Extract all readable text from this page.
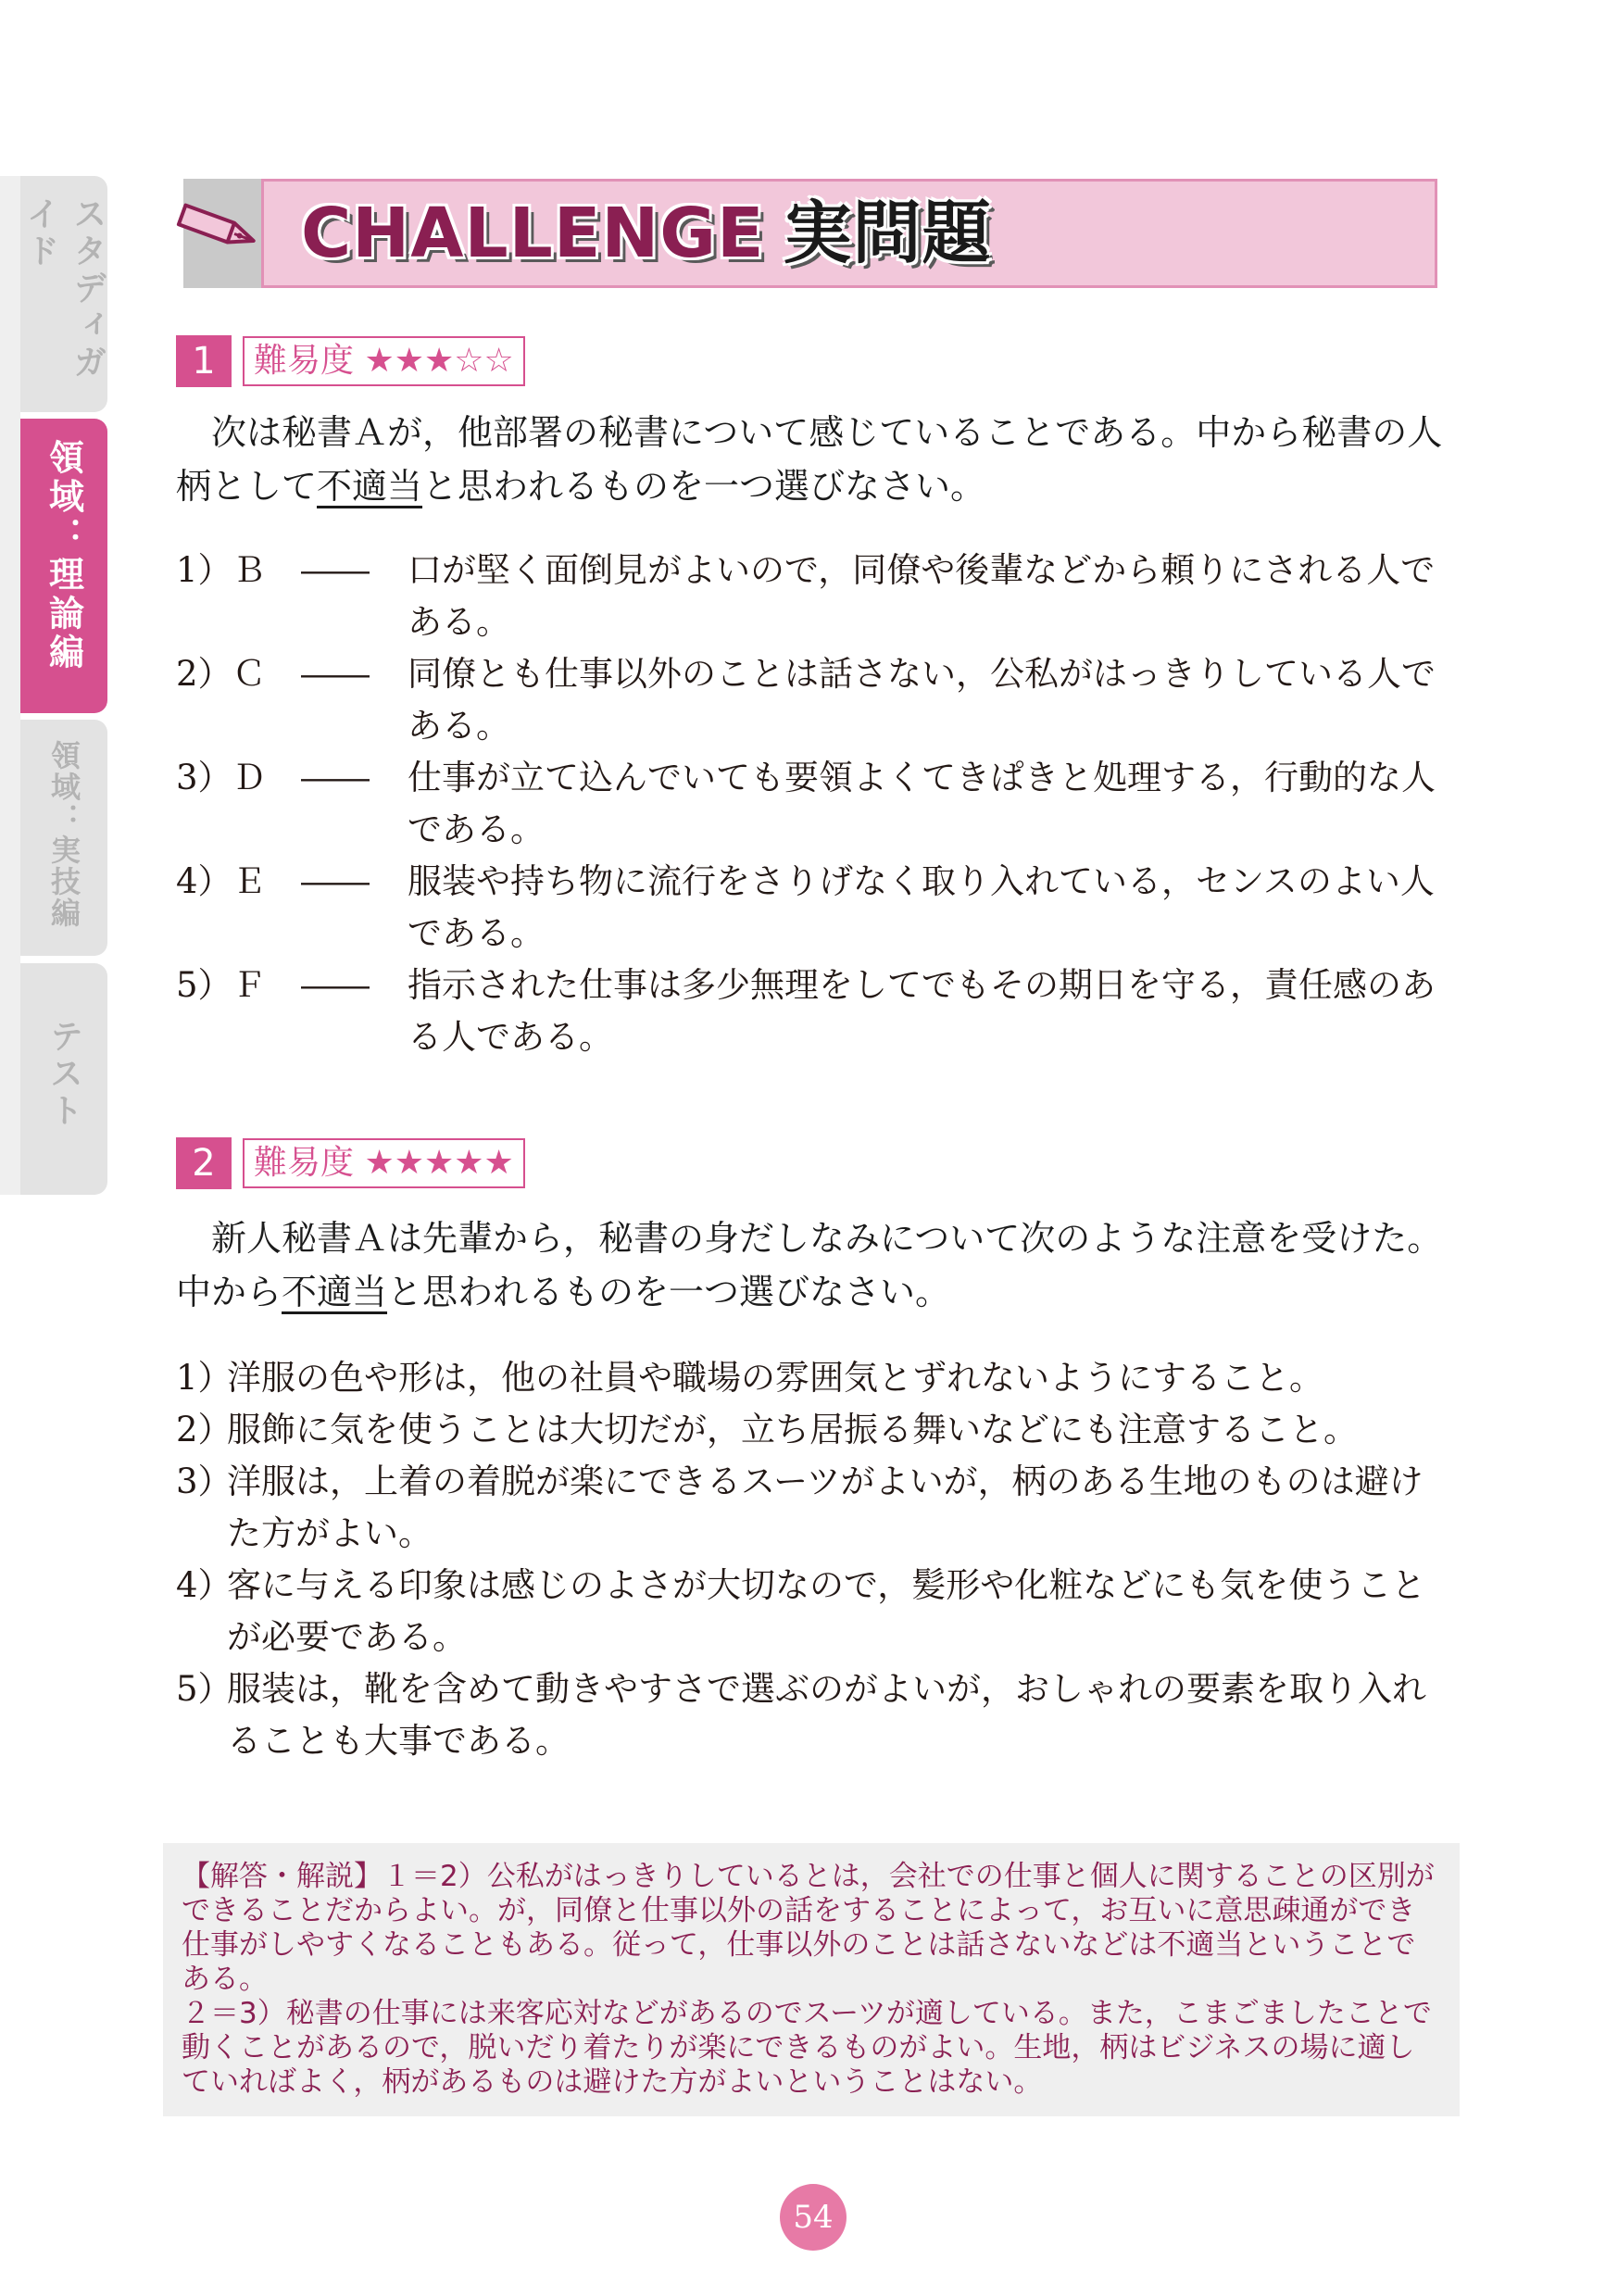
スタディガイド
領域：理論編
領域：実技編
テスト
CHALLENGE 実問題
1	難易度 ★★★☆☆
次は秘書Ａが，他部署の秘書について感じていることである。中から秘書の人柄として不適当と思われるものを一つ選びなさい。
1）Ｂ ―― 口が堅く面倒見がよいので，同僚や後輩などから頼りにされる人である。
2）Ｃ ―― 同僚とも仕事以外のことは話さない，公私がはっきりしている人である。
3）Ｄ ―― 仕事が立て込んでいても要領よくてきぱきと処理する，行動的な人である。
4）Ｅ ―― 服装や持ち物に流行をさりげなく取り入れている，センスのよい人である。
5）Ｆ ―― 指示された仕事は多少無理をしてでもその期日を守る，責任感のある人である。
2	難易度 ★★★★★
新人秘書Ａは先輩から，秘書の身だしなみについて次のような注意を受けた。中から不適当と思われるものを一つ選びなさい。
1）
洋服の色や形は，他の社員や職場の雰囲気とずれないようにすること。
2）
服飾に気を使うことは大切だが，立ち居振る舞いなどにも注意すること。
3）
洋服は，上着の着脱が楽にできるスーツがよいが，柄のある生地のものは避けた方がよい。
4）
客に与える印象は感じのよさが大切なので，髪形や化粧などにも気を使うことが必要である。
5）
服装は，靴を含めて動きやすさで選ぶのがよいが，おしゃれの要素を取り入れることも大事である。

【解答・解説】１＝2）公私がはっきりしているとは，会社での仕事と個人に関することの区別ができることだからよい。が，同僚と仕事以外の話をすることによって，お互いに意思疎通ができ仕事がしやすくなることもある。従って，仕事以外のことは話さないなどは不適当ということである。

２＝3）秘書の仕事には来客応対などがあるのでスーツが適している。また，こまごましたことで動くことがあるので，脱いだり着たりが楽にできるものがよい。生地，柄はビジネスの場に適していればよく，柄があるものは避けた方がよいということはない。

54
